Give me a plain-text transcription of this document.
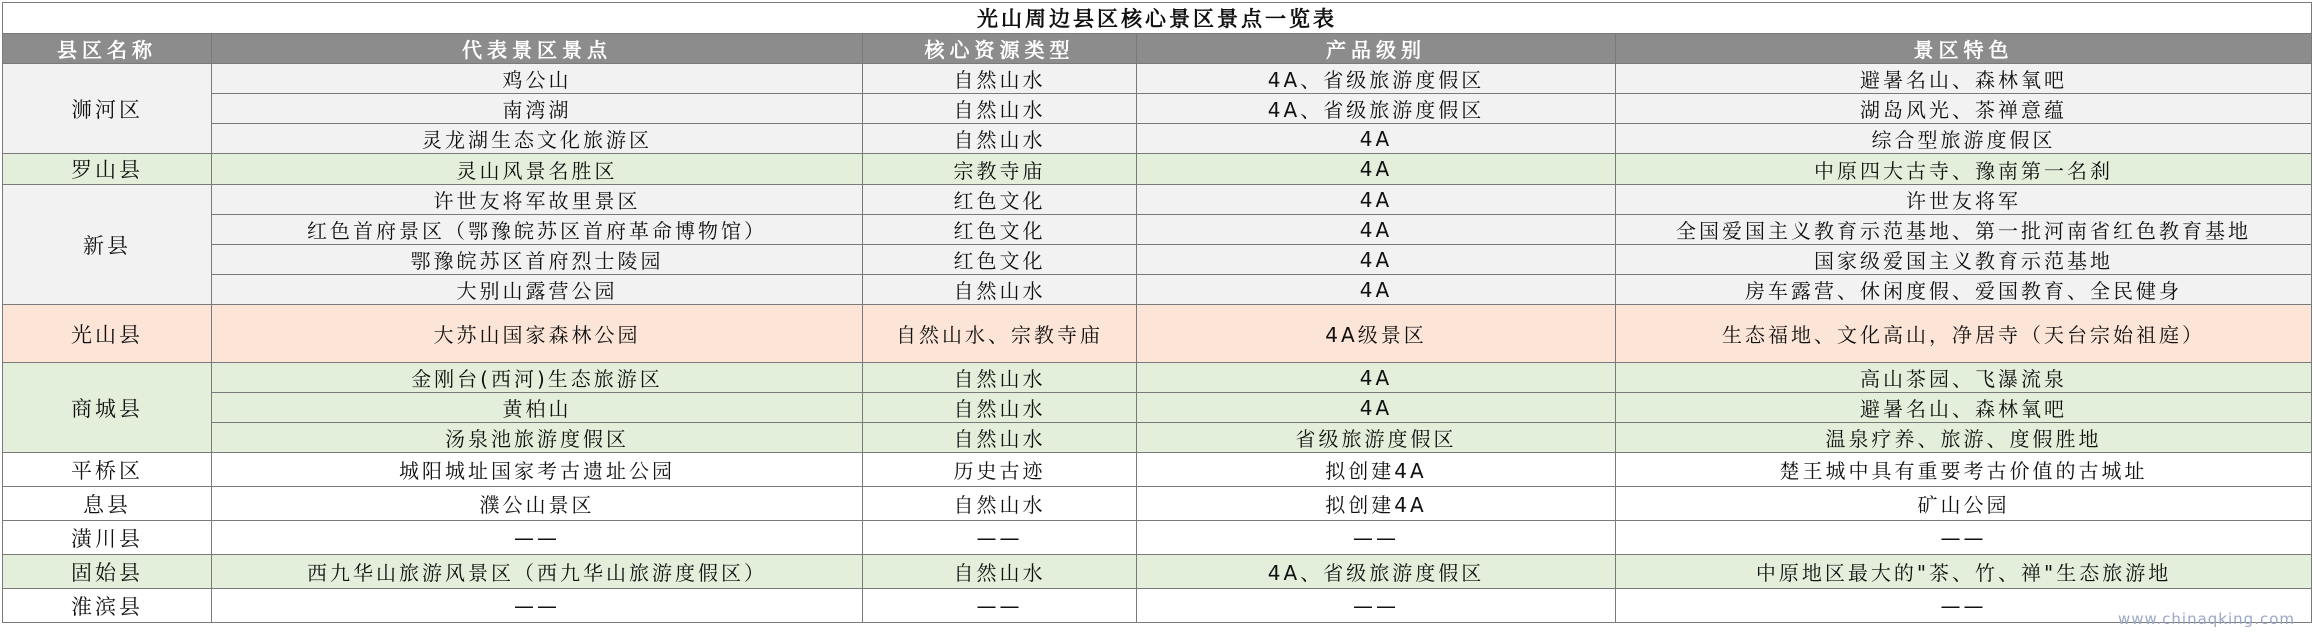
光山周边县区核心景区景点一览表				
县区名称	代表景区景点	核心资源类型	产品级别	景区特色
浉河区	鸡公山	自然山水	4A、省级旅游度假区	避暑名山、森林氧吧
	南湾湖	自然山水	4A、省级旅游度假区	湖岛风光、茶禅意蕴
	灵龙湖生态文化旅游区	自然山水	4A	综合型旅游度假区
罗山县	灵山风景名胜区	宗教寺庙	4A	中原四大古寺、豫南第一名刹
新县	许世友将军故里景区	红色文化	4A	许世友将军
	红色首府景区（鄂豫皖苏区首府革命博物馆）	红色文化	4A	全国爱国主义教育示范基地、第一批河南省红色教育基地
	鄂豫皖苏区首府烈士陵园	红色文化	4A	国家级爱国主义教育示范基地
	大别山露营公园	自然山水	4A	房车露营、休闲度假、爱国教育、全民健身
光山县	大苏山国家森林公园	自然山水、宗教寺庙	4A级景区	生态福地、文化高山，净居寺（天台宗始祖庭）
商城县	金刚台(西河)生态旅游区	自然山水	4A	高山茶园、飞瀑流泉
	黄柏山	自然山水	4A	避暑名山、森林氧吧
	汤泉池旅游度假区	自然山水	省级旅游度假区	温泉疗养、旅游、度假胜地
平桥区	城阳城址国家考古遗址公园	历史古迹	拟创建4A	楚王城中具有重要考古价值的古城址
息县	濮公山景区	自然山水	拟创建4A	矿山公园
潢川县	——	——	——	——
固始县	西九华山旅游风景区（西九华山旅游度假区）	自然山水	4A、省级旅游度假区	中原地区最大的"茶、竹、禅"生态旅游地
淮滨县	——	——	——	——
www.chinaqking.com
